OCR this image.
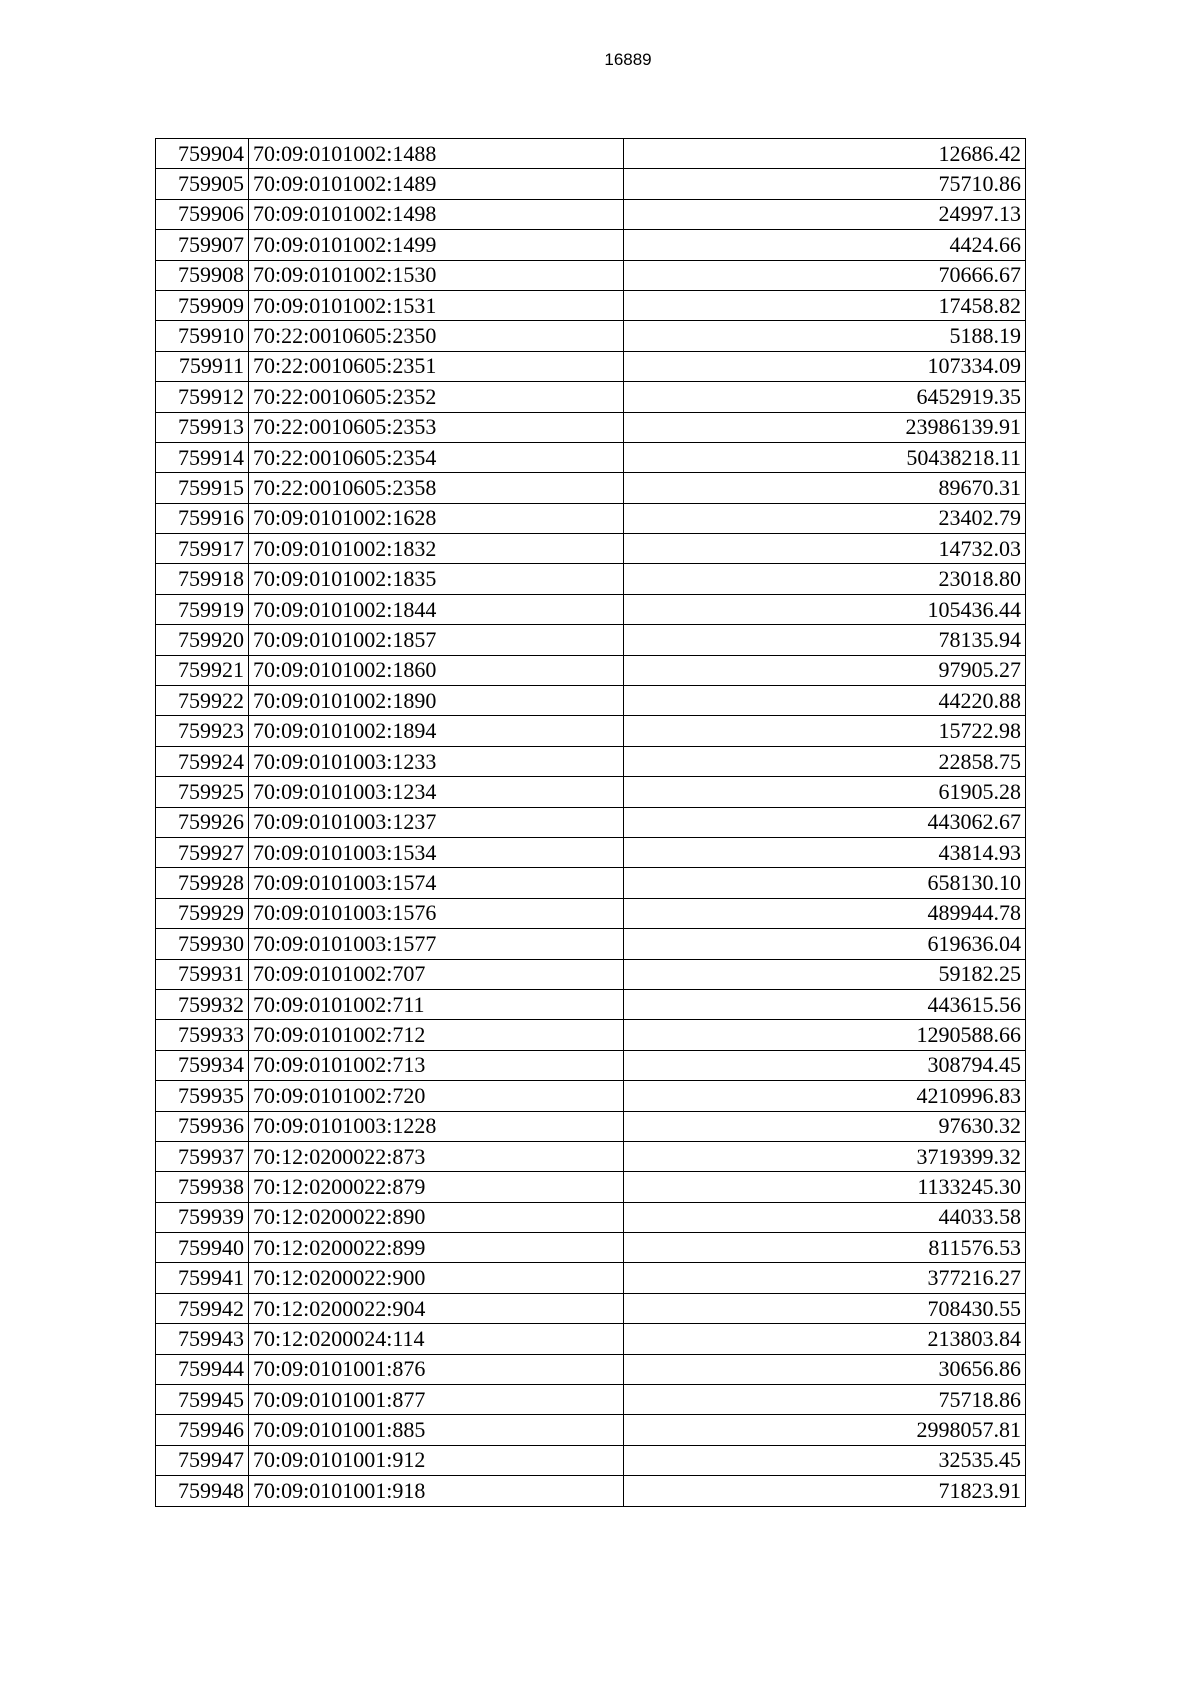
16889
759904	70:09:0101002:1488	12686.42
759905	70:09:0101002:1489	75710.86
759906	70:09:0101002:1498	24997.13
759907	70:09:0101002:1499	4424.66
759908	70:09:0101002:1530	70666.67
759909	70:09:0101002:1531	17458.82
759910	70:22:0010605:2350	5188.19
759911	70:22:0010605:2351	107334.09
759912	70:22:0010605:2352	6452919.35
759913	70:22:0010605:2353	23986139.91
759914	70:22:0010605:2354	50438218.11
759915	70:22:0010605:2358	89670.31
759916	70:09:0101002:1628	23402.79
759917	70:09:0101002:1832	14732.03
759918	70:09:0101002:1835	23018.80
759919	70:09:0101002:1844	105436.44
759920	70:09:0101002:1857	78135.94
759921	70:09:0101002:1860	97905.27
759922	70:09:0101002:1890	44220.88
759923	70:09:0101002:1894	15722.98
759924	70:09:0101003:1233	22858.75
759925	70:09:0101003:1234	61905.28
759926	70:09:0101003:1237	443062.67
759927	70:09:0101003:1534	43814.93
759928	70:09:0101003:1574	658130.10
759929	70:09:0101003:1576	489944.78
759930	70:09:0101003:1577	619636.04
759931	70:09:0101002:707	59182.25
759932	70:09:0101002:711	443615.56
759933	70:09:0101002:712	1290588.66
759934	70:09:0101002:713	308794.45
759935	70:09:0101002:720	4210996.83
759936	70:09:0101003:1228	97630.32
759937	70:12:0200022:873	3719399.32
759938	70:12:0200022:879	1133245.30
759939	70:12:0200022:890	44033.58
759940	70:12:0200022:899	811576.53
759941	70:12:0200022:900	377216.27
759942	70:12:0200022:904	708430.55
759943	70:12:0200024:114	213803.84
759944	70:09:0101001:876	30656.86
759945	70:09:0101001:877	75718.86
759946	70:09:0101001:885	2998057.81
759947	70:09:0101001:912	32535.45
759948	70:09:0101001:918	71823.91
